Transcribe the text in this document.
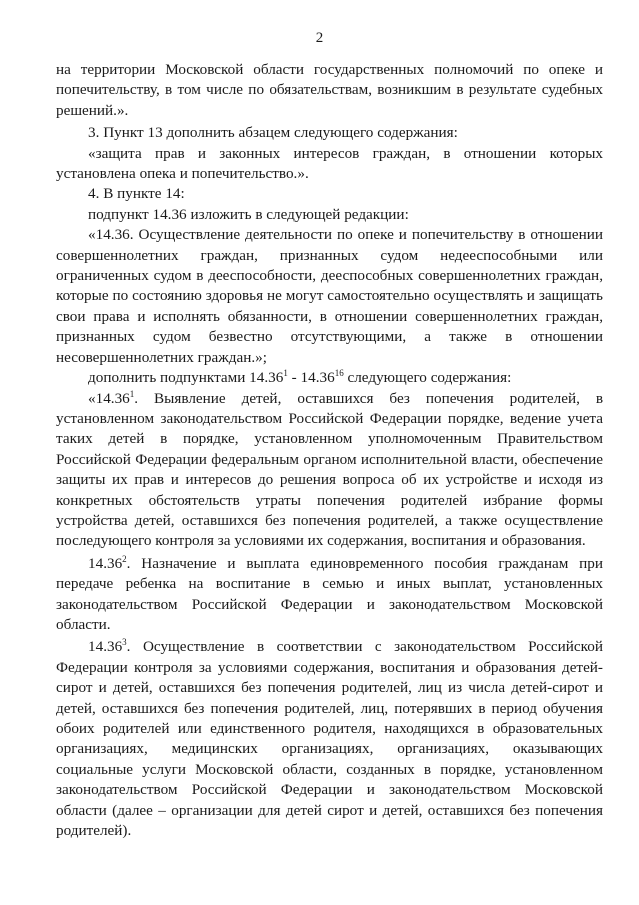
2

на территории Московской области государственных полномочий по опеке и попечительству, в том числе по обязательствам, возникшим в результате судебных решений.».

3. Пункт 13 дополнить абзацем следующего содержания:

«защита прав и законных интересов граждан, в отношении которых установлена опека и попечительство.».

4. В пункте 14:

подпункт 14.36 изложить в следующей редакции:

«14.36. Осуществление деятельности по опеке и попечительству в отношении совершеннолетних граждан, признанных судом недееспособными или ограниченных судом в дееспособности, дееспособных совершеннолетних граждан, которые по состоянию здоровья не могут самостоятельно осуществлять и защищать свои права и исполнять обязанности, в отношении совершеннолетних граждан, признанных судом безвестно отсутствующими, а также в отношении несовершеннолетних граждан.»;

дополнить подпунктами 14.36$^1$ - 14.36$^{16}$ следующего содержания:

«14.36$^1$. Выявление детей, оставшихся без попечения родителей, в установленном законодательством Российской Федерации порядке, ведение учета таких детей в порядке, установленном уполномоченным Правительством Российской Федерации федеральным органом исполнительной власти, обеспечение защиты их прав и интересов до решения вопроса об их устройстве и исходя из конкретных обстоятельств утраты попечения родителей избрание формы устройства детей, оставшихся без попечения родителей, а также осуществление последующего контроля за условиями их содержания, воспитания и образования.

14.36$^2$. Назначение и выплата единовременного пособия гражданам при передаче ребенка на воспитание в семью и иных выплат, установленных законодательством Российской Федерации и законодательством Московской области.

14.36$^3$. Осуществление в соответствии с законодательством Российской Федерации контроля за условиями содержания, воспитания и образования детей-сирот и детей, оставшихся без попечения родителей, лиц из числа детей-сирот и детей, оставшихся без попечения родителей, лиц, потерявших в период обучения обоих родителей или единственного родителя, находящихся в образовательных организациях, медицинских организациях, организациях, оказывающих социальные услуги Московской области, созданных в порядке, установленном законодательством Российской Федерации и законодательством Московской области (далее – организации для детей сирот и детей, оставшихся без попечения родителей).
